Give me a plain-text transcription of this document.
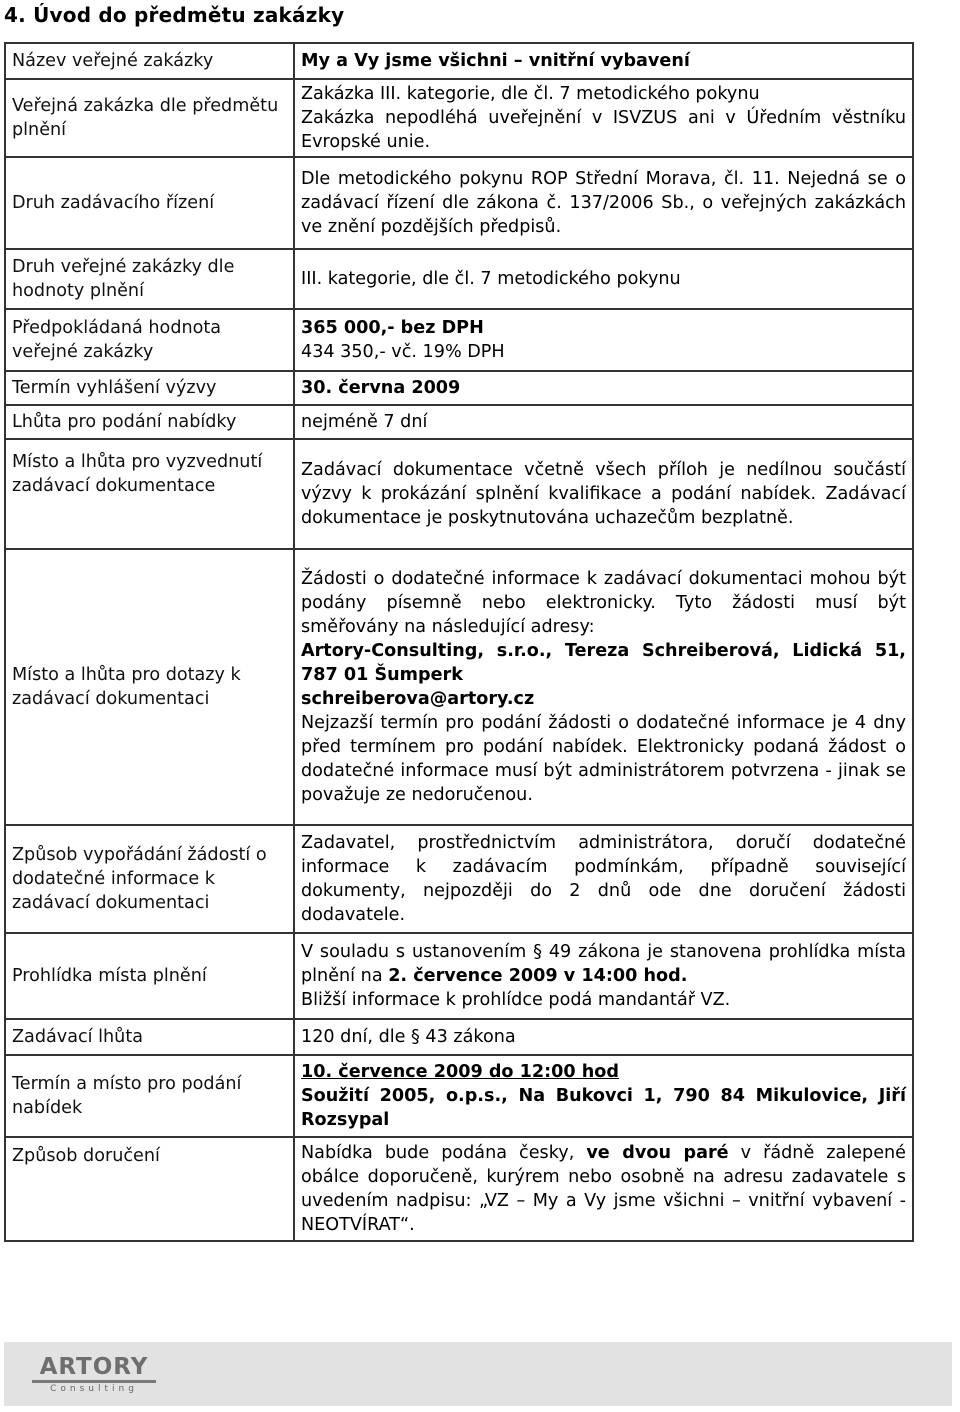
4. Úvod do předmětu zakázky
Název veřejné zakázky	My a Vy jsme všichni – vnitřní vybavení
Veřejná zakázka dle předmětu plnění	Zakázka III. kategorie, dle čl. 7 metodického pokynu
Zakázka nepodléhá uveřejnění v ISVZUS ani v Úředním věstníku Evropské unie.

Druh zadávacího řízení	Dle metodického pokynu ROP Střední Morava, čl. 11. Nejedná se o zadávací řízení dle zákona č. 137/2006 Sb., o veřejných zakázkách ve znění pozdějších předpisů.
Druh veřejné zakázky dle hodnoty plnění	III. kategorie, dle čl. 7 metodického pokynu
Předpokládaná hodnota veřejné zakázky	365 000,- bez DPH
434 350,- vč. 19% DPH

Termín vyhlášení výzvy	30. června 2009
Lhůta pro podání nabídky	nejméně 7 dní
Místo a lhůta pro vyzvednutí zadávací dokumentace	Zadávací dokumentace včetně všech příloh je nedílnou součástí výzvy k prokázání splnění kvalifikace a podání nabídek. Zadávací dokumentace je poskytnutována uchazečům bezplatně.
Místo a lhůta pro dotazy k zadávací dokumentaci	Žádosti o dodatečné informace k zadávací dokumentaci mohou být podány písemně nebo elektronicky. Tyto žádosti musí být směřovány na následující adresy:
Artory-Consulting, s.r.o., Tereza Schreiberová, Lidická 51, 787 01 Šumperk
schreiberova@artory.cz
Nejzazší termín pro podání žádosti o dodatečné informace je 4 dny před termínem pro podání nabídek. Elektronicky podaná žádost o dodatečné informace musí být administrátorem potvrzena - jinak se považuje ze nedoručenou.

Způsob vypořádání žádostí o dodatečné informace k zadávací dokumentaci	Zadavatel, prostřednictvím administrátora, doručí dodatečné informace k zadávacím podmínkám, případně související dokumenty, nejpozději do 2 dnů ode dne doručení žádosti dodavatele.
Prohlídka místa plnění	V souladu s ustanovením § 49 zákona je stanovena prohlídka místa plnění na 2. července 2009 v 14:00 hod.
Bližší informace k prohlídce podá mandantář VZ.

Zadávací lhůta	120 dní, dle § 43 zákona
Termín a místo pro podání nabídek	10. července 2009 do 12:00 hod
Soužití 2005, o.p.s., Na Bukovci 1, 790 84 Mikulovice, Jiří Rozsypal

Způsob doručení	Nabídka bude podána česky, ve dvou paré v řádně zalepené obálce doporučeně, kurýrem nebo osobně na adresu zadavatele s uvedením nadpisu: „VZ – My a Vy jsme všichni – vnitřní vybavení - NEOTVÍRAT“.
ARTORY
Consulting
